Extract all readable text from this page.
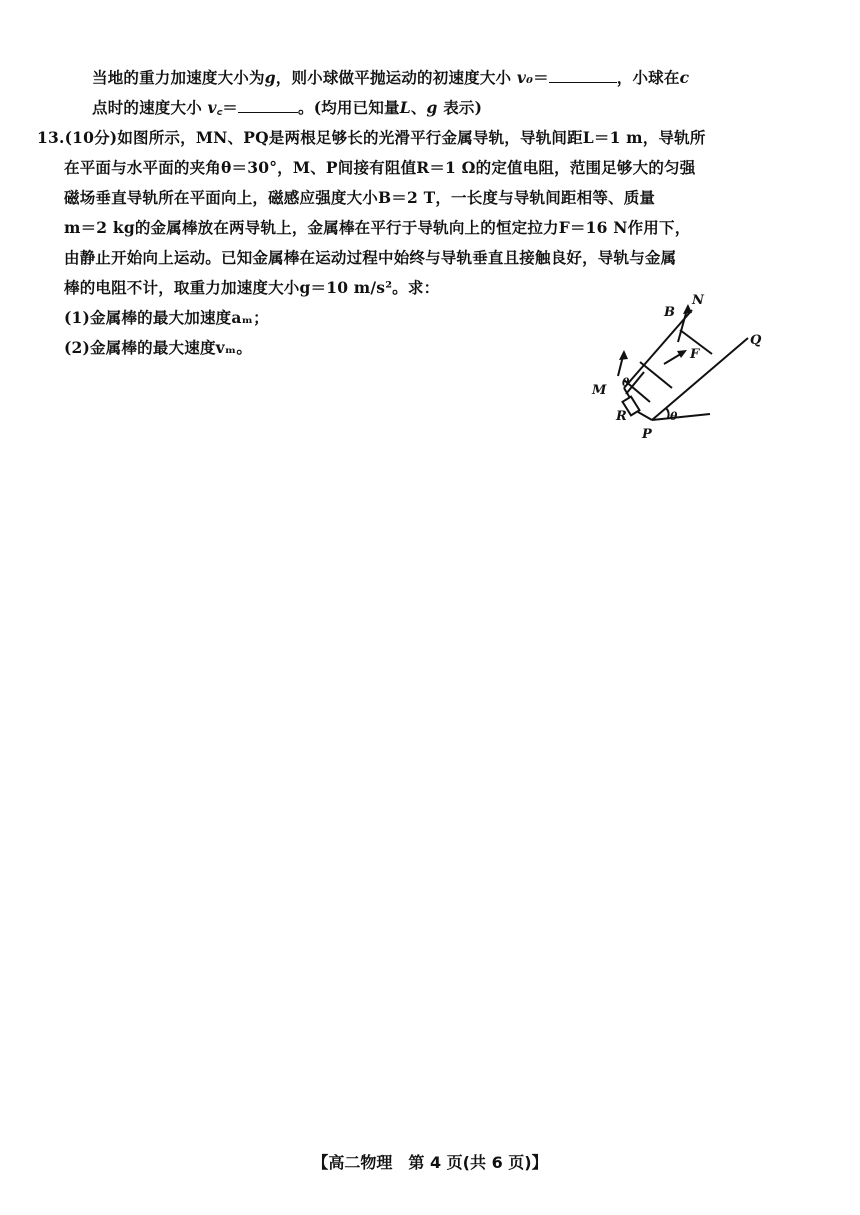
当地的重力加速度大小为g，则小球做平抛运动的初速度大小 v₀＝	，小球在c
点时的速度大小 v꜀＝	。(均用已知量L、g 表示)
13.(10分)如图所示，MN、PQ是两根足够长的光滑平行金属导轨，导轨间距L＝1 m，导轨所
在平面与水平面的夹角θ＝30°，M、P间接有阻值R＝1 Ω的定值电阻，范围足够大的匀强
磁场垂直导轨所在平面向上，磁感应强度大小B＝2 T，一长度与导轨间距相等、质量
m＝2 kg的金属棒放在两导轨上，金属棒在平行于导轨向上的恒定拉力F＝16 N作用下，
由静止开始向上运动。已知金属棒在运动过程中始终与导轨垂直且接触良好，导轨与金属
棒的电阻不计，取重力加速度大小g＝10 m/s²。求：
(1)金属棒的最大加速度aₘ；
(2)金属棒的最大速度vₘ。
B
N
F
Q
M
R
P
θ
θ
【高二物理　第 4 页(共 6 页)】
